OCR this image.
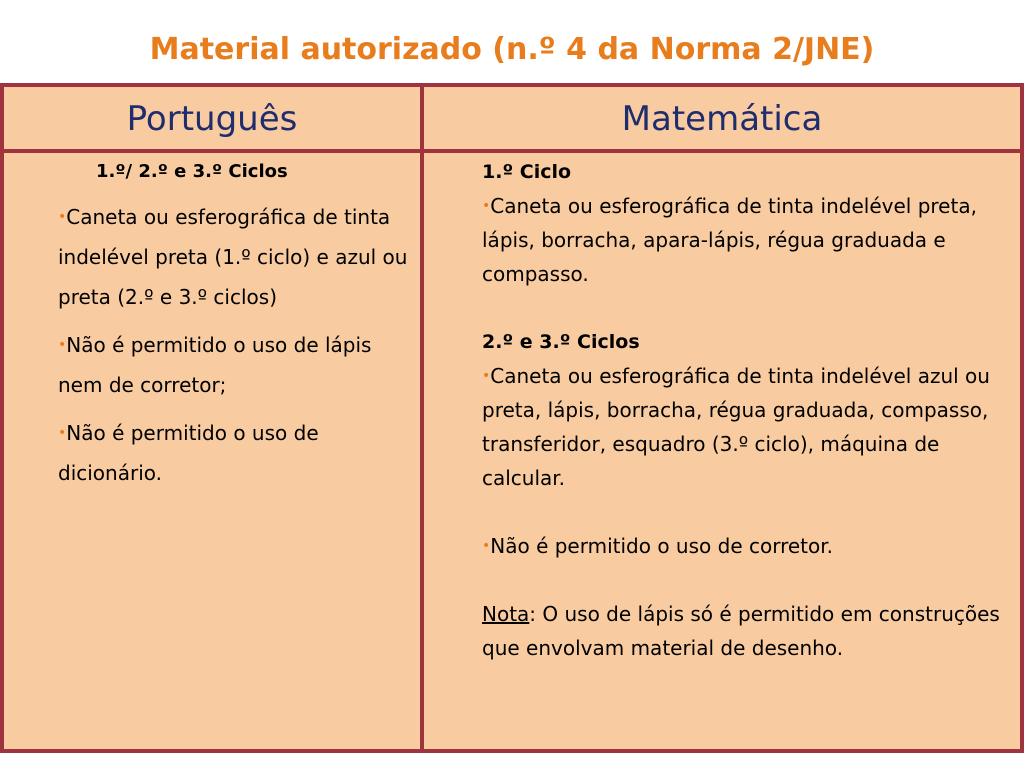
Material autorizado (n.º 4 da Norma 2/JNE)
Português	Matemática
1.º/ 2.º e 3.º Ciclos

•Caneta ou esferográfica de tinta indelével preta (1.º ciclo) e azul ou preta (2.º e 3.º ciclos)

•Não é permitido o uso de lápis nem de corretor;

•Não é permitido o uso de dicionário.

1.º Ciclo

•Caneta ou esferográfica de tinta indelével preta, lápis, borracha, apara-lápis, régua graduada e compasso.

2.º e 3.º Ciclos

•Caneta ou esferográfica de tinta indelével azul ou preta, lápis, borracha, régua graduada, compasso, transferidor, esquadro (3.º ciclo), máquina de calcular.

•Não é permitido o uso de corretor.

Nota: O uso de lápis só é permitido em construções que envolvam material de desenho.
